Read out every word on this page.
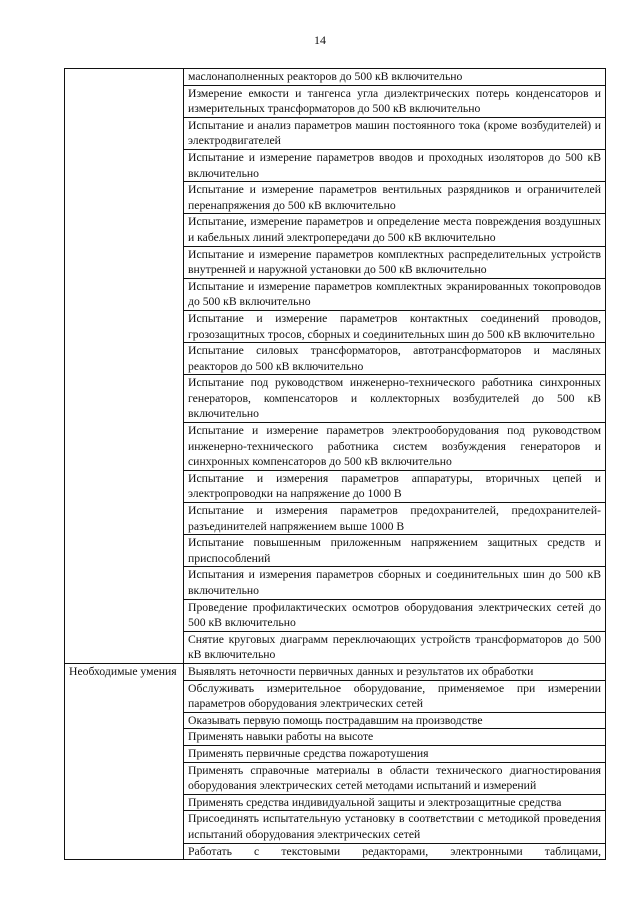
14
	маслонаполненных реакторов до 500 кВ включительно
	Измерение емкости и тангенса угла диэлектрических потерь конденсаторов и измерительных трансформаторов до 500 кВ включительно
	Испытание и анализ параметров машин постоянного тока (кроме возбудителей) и электродвигателей
	Испытание и измерение параметров вводов и проходных изоляторов до 500 кВ включительно
	Испытание и измерение параметров вентильных разрядников и ограничителей перенапряжения до 500 кВ включительно
	Испытание, измерение параметров и определение места повреждения воздушных и кабельных линий электропередачи до 500 кВ включительно
	Испытание и измерение параметров комплектных распределительных устройств внутренней и наружной установки до 500 кВ включительно
	Испытание и измерение параметров комплектных экранированных токопроводов до 500 кВ включительно
	Испытание и измерение параметров контактных соединений проводов, грозозащитных тросов, сборных и соединительных шин до 500 кВ включительно
	Испытание силовых трансформаторов, автотрансформаторов и масляных реакторов до 500 кВ включительно
	Испытание под руководством инженерно-технического работника синхронных генераторов, компенсаторов и коллекторных возбудителей до 500 кВ включительно
	Испытание и измерение параметров электрооборудования под руководством инженерно-технического работника систем возбуждения генераторов и синхронных компенсаторов до 500 кВ включительно
	Испытание и измерения параметров аппаратуры, вторичных цепей и электропроводки на напряжение до 1000 В
	Испытание и измерения параметров предохранителей, предохранителей-разъединителей напряжением выше 1000 В
	Испытание повышенным приложенным напряжением защитных средств и приспособлений
	Испытания и измерения параметров сборных и соединительных шин до 500 кВ включительно
	Проведение профилактических осмотров оборудования электрических сетей до 500 кВ включительно
	Снятие круговых диаграмм переключающих устройств трансформаторов до 500 кВ включительно
Необходимые умения	Выявлять неточности первичных данных и результатов их обработки
	Обслуживать измерительное оборудование, применяемое при измерении параметров оборудования электрических сетей
	Оказывать первую помощь пострадавшим на производстве
	Применять навыки работы на высоте
	Применять первичные средства пожаротушения
	Применять справочные материалы в области технического диагностирования оборудования электрических сетей методами испытаний и измерений
	Применять средства индивидуальной защиты и электрозащитные средства
	Присоединять испытательную установку в соответствии с методикой проведения испытаний оборудования электрических сетей
	Работать с текстовыми редакторами, электронными таблицами,
